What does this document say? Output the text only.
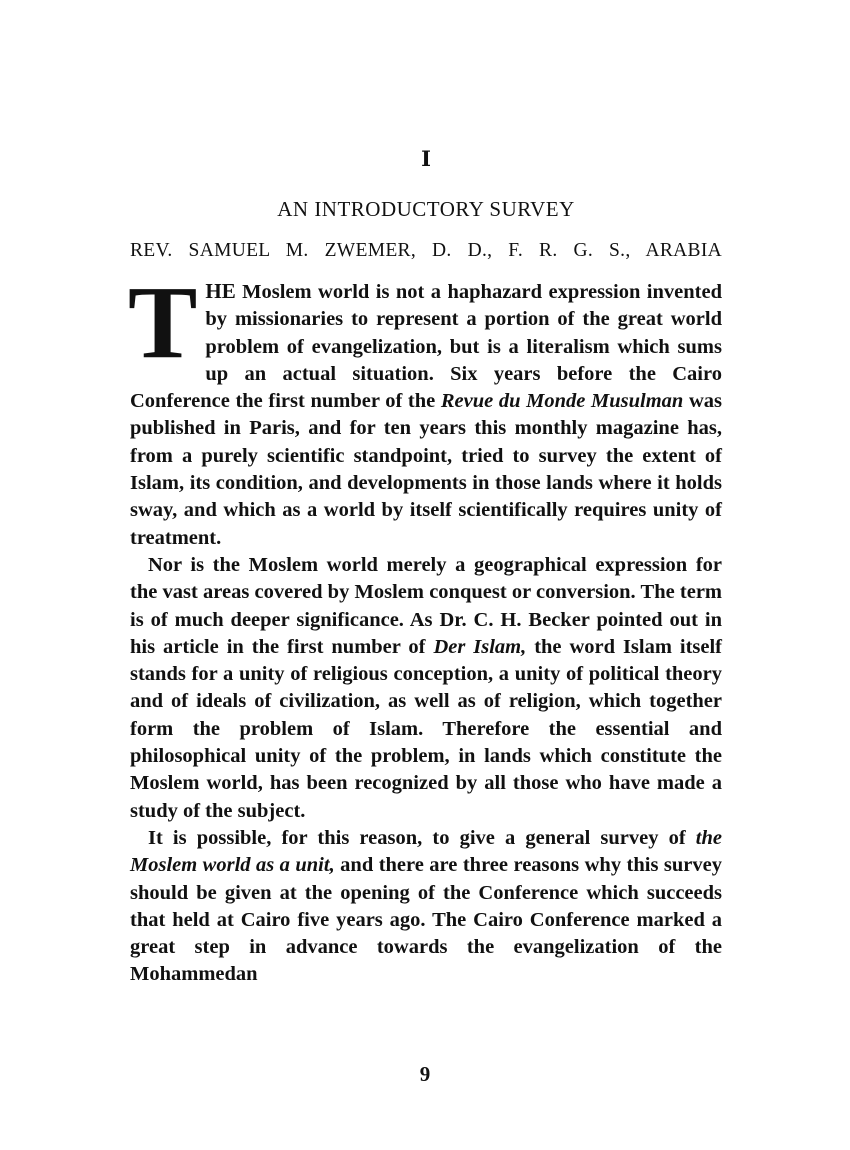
I
AN INTRODUCTORY SURVEY
REV. SAMUEL M. ZWEMER, D. D., F. R. G. S., ARABIA

THE Moslem world is not a haphazard expression invented by missionaries to represent a portion of the great world problem of evangelization, but is a literalism which sums up an actual situation. Six years before the Cairo Conference the first number of the Revue du Monde Musulman was published in Paris, and for ten years this monthly magazine has, from a purely scientific standpoint, tried to survey the extent of Islam, its condition, and developments in those lands where it holds sway, and which as a world by itself scientifically requires unity of treatment.

Nor is the Moslem world merely a geographical expression for the vast areas covered by Moslem conquest or conversion. The term is of much deeper significance. As Dr. C. H. Becker pointed out in his article in the first number of Der Islam, the word Islam itself stands for a unity of religious conception, a unity of political theory and of ideals of civilization, as well as of religion, which together form the problem of Islam. Therefore the essential and philosophical unity of the problem, in lands which constitute the Moslem world, has been recognized by all those who have made a study of the subject.

It is possible, for this reason, to give a general survey of the Moslem world as a unit, and there are three reasons why this survey should be given at the opening of the Conference which succeeds that held at Cairo five years ago. The Cairo Conference marked a great step in advance towards the evangelization of the Mohammedan

9
